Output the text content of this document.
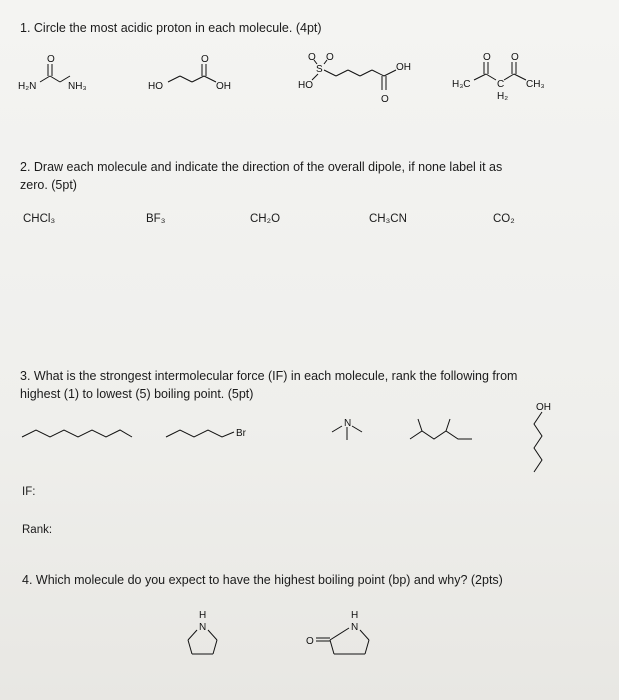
1. Circle the most acidic proton in each molecule. (4pt)
O
H₂N	NH₃
O
HO	OH
O O
S
HO
OH
O
O O
H₃C	C CH₃
H₂
2. Draw each molecule and indicate the direction of the overall dipole, if none label it as
zero. (5pt)
CHCl₃	BF₃	CH₂O	CH₃CN	CO₂
3. What is the strongest intermolecular force (IF) in each molecule, rank the following from
highest (1) to lowest (5) boiling point. (5pt)
Br
N
OH
IF:
Rank:
4. Which molecule do you expect to have the highest boiling point (bp) and why? (2pts)
H
N
H
N
O
